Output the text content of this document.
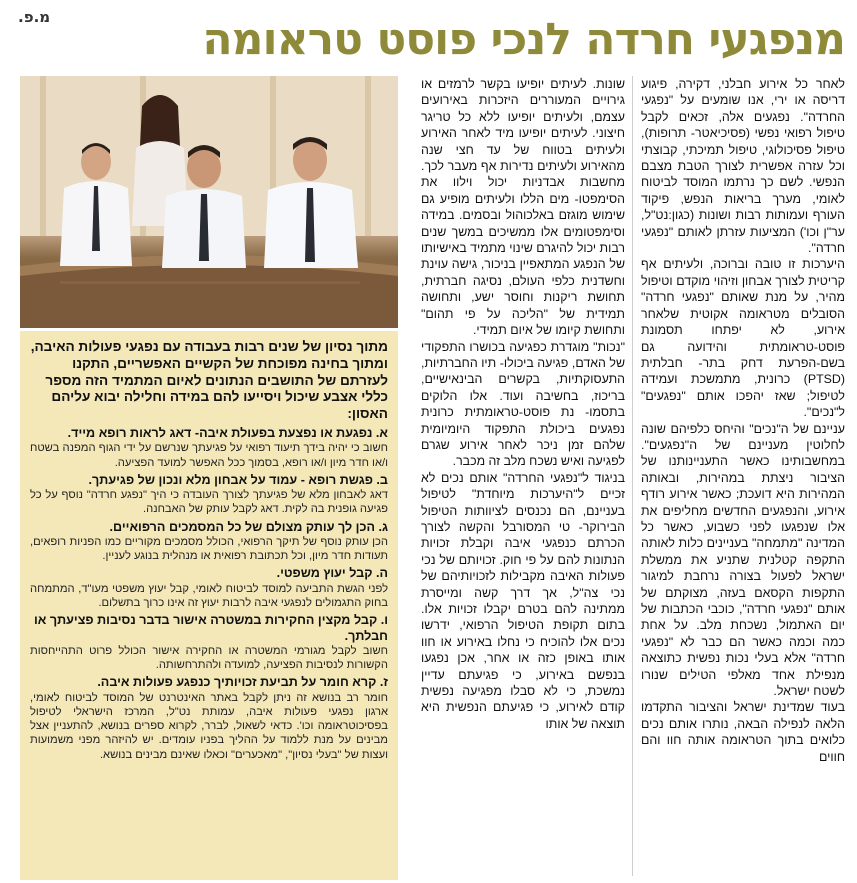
מ.פ.	מנפגעי חרדה לנכי פוסט טראומה

לאחר כל אירוע חבלני, דקירה, פיגוע דריסה או ירי, אנו שומעים על "נפגעי החרדה". נפגעים אלה, זכאים לקבל טיפול רפואי נפשי (פסיכיאטר- תרופות), טיפול פסיכולוגי, טיפול תמיכתי, קבוצתי וכל עזרה אפשרית לצורך הטבת מצבם הנפשי. לשם כך נרתמו המוסד לביטוח לאומי, מערך בריאות הנפש, פיקוד העורף ועמותות רבות ושונות (כגון:נט"ל, ער"ן וכו') המציעות עזרתן לאותם "נפגעי חרדה".

היערכות זו טובה וברוכה, ולעיתים אף קריטית לצורך אבחון וזיהוי מוקדם וטיפול מהיר, על מנת שאותם "נפגעי חרדה" הסובלים מטראומה אקוטית שלאחר אירוע, לא יפתחו תסמונת פוסט-טראומתית והידועה גם בשם-הפרעת דחק בתר- חבלתית (PTSD) כרונית, מתמשכת ועמידה לטיפול; שאז יהפכו אותם "נפגעים" ל"נכים".

עניינם של ה"נכים" והיחס כלפיהם שונה לחלוטין מעניינם של ה"נפגעים". במחשבותינו כאשר התעניינותנו של הציבור ניצתת במהירות, ובאותה המהירות היא דועכת; כאשר אירוע רודף אירוע, והנפגעים החדשים מחליפים את אלו שנפגעו לפני כשבוע, כאשר כל המדינה "מתמחה" בעניינים כלות לאותה התקפה קטלנית שתניע את ממשלת ישראל לפעול בצורה נרחבת למיגור התקפות הקסאם בעזה, מצוקתם של אותם "נפגעי חרדה", כוכבי הכתבות של יום האתמול, נשכחת מלב. על אחת כמה וכמה כאשר הם כבר לא "נפגעי חרדה" אלא בעלי נכות נפשית כתוצאה מנפילת אחד מאלפי הטילים שנורו לשטח ישראל.

בעוד שמדינת ישראל והציבור התקדמו הלאה לנפילה הבאה, נותרו אותם נכים כלואים בתוך הטראומה אותה חוו והם חווים

שונות. לעיתים יופיעו בקשר לרמזים או גירויים המעוררים היזכרות באירועים עצמם, ולעיתים יופיעו ללא כל טריגר חיצוני. לעיתים יופיעו מיד לאחר האירוע ולעיתים בטווח של עד חצי שנה מהאירוע ולעיתים נדירות אף מעבר לכך. מחשבות אבדניות יכול וילוו את הסימפטו- מים הללו ולעיתים מופיע גם שימוש מוגזם באלכוהול ובסמים. במידה וסימפטומים אלו ממשיכים במשך שנים רבות יכול להיגרם שינוי מתמיד באישיותו של הנפגע המתאפיין בניכור, גישה עוינת וחשדנית כלפי העולם, נסיגה חברתית, תחושת ריקנות וחוסר ישע, ותחושה תמידית של "הליכה על פי תהום" ותחושת קיומו של איום תמידי.

"נכות" מוגדרת כפגיעה בכושרו התפקודי של האדם, פגיעה ביכולו- תיו החברתיות, התעסוקתיות, בקשרים הבינאישיים, בריכוז, בחשיבה ועוד. אלו הלוקים בתסמו- נת פוסט-טראומתית כרונית נפגעים ביכולת התפקוד היומיומית שלהם זמן ניכר לאחר אירוע שגרם לפגיעה ואיש נשכח מלב זה מכבר.

בניגוד ל"נפגעי החרדה" אותם נכים לא זכיים ל"היערכות מיוחדת" לטיפול בעניינם, הם נכנסים לציוותות הטיפול הבירוקר- טי המסורבל והקשה לצורך הכרתם כנפגעי איבה וקבלת זכויות הנתונות להם על פי חוק. זכויותם של נכי פעולות האיבה מקבילות לזכויותיהם של נכי צה"ל, אך דרך קשה ומייסרת ממתינה להם בטרם יקבלו זכויות אלו. בתום תקופת הטיפול הרפואי, ידרשו נכים אלו להוכיח כי נחלו באירוע או חוו אותו באופן כזה או אחר, אכן נפגעו בנפשם באירוע, כי פגיעתם עדיין נמשכת, כי לא סבלו מפגיעה נפשית קודם לאירוע, כי פגיעתם הנפשית היא תוצאה של אותו

מתוך נסיון של שנים רבות בעבודה עם נפגעי פעולות האיבה, ומתוך בחינה מפוכחת של הקשיים האפשריים, התקנו לעזרתם של התושבים הנתונים לאיום המתמיד הזה מספר כללי אצבע שיכול ויסייעו להם במידה וחלילה יבוא עליהם האסון:
א. נפגעת או נפצעת בפעולת איבה- דאג לראות רופא מייד.
חשוב כי יהיה בידך תיעוד רפואי על פגיעתך שנרשם על ידי הגוף המפנה בשטח ו/או חדר מיון ו/או רופא, בסמוך ככל האפשר למועד הפציעה.
ב. פגשת רופא - עמוד על אבחון מלא ונכון של פגיעתך.
דאג לאבחון מלא של פגיעתך לצורך העובדה כי היך "נפגע חרדה" נוסף על כל פגיעה גופנית בה לקית. דאג לקבל עותק של האבחנה.
ג. הכן לך עותק מצולם של כל המסמכים הרפואיים.
הכן עותק נוסף של תיקך הרפואי, הכולל מסמכים מקוריים כמו הפניות רופאים, תעודות חדר מיון, וכל תכתובת רפואית או מנהלית בנוגע לעניין.
ה. קבל יעוץ משפטי.
לפני הגשת התביעה למוסד לביטוח לאומי, קבל יעוץ משפטי מעו"ד, המתמחה בחוק התגמולים לנפגעי איבה לרבות יעוץ זה אינו כרוך בתשלום.
ו. קבל מקצין החקירות במשטרה אישור בדבר נסיבות פציעתך או חבלתך.
חשוב לקבל מגורמי המשטרה או החקירה אישור הכולל פרוט התהייחסות הקשורות לנסיבות הפציעה, למועדה ולהתרחשותה.
ז. קרא חומר על תביעת זכויותיך כנפגע פעולות איבה.
חומר רב בנושא זה ניתן לקבל באתר האינטרנט של המוסד לביטוח לאומי, ארגון נפגעי פעולות איבה, עמותת נט"ל, המרכז הישראלי לטיפול בפסיכוטראומה וכו'. כדאי לשאול, לברר, לקרוא ספרים בנושא, להתעניין אצל מבינים על מנת ללמוד על ההליך בפניו עומדים. יש להיזהר מפני משמועות ועצות של "בעלי נסיון", "מאכערים" וכאלו שאינם מבינים בנושא.
